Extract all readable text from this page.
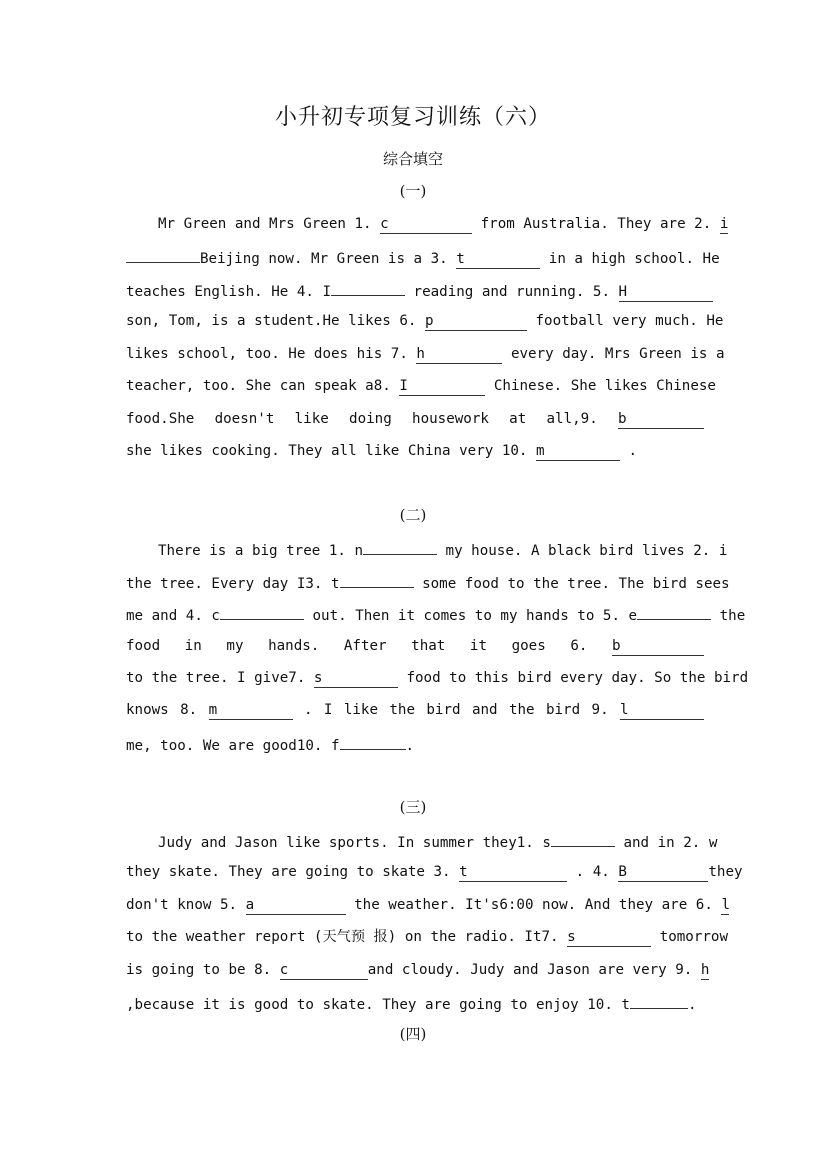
小升初专项复习训练（六）
综合填空
(一)
Mr Green and Mrs Green 1. c	from Australia. They are 2. i
Beijing now. Mr Green is a 3. t	in a high school. He
teaches English. He 4. I	reading and running. 5. H
son, Tom, is a student.He likes 6. p	football very much. He
likes school, too. He does his 7. h	every day. Mrs Green is a
teacher, too. She can speak a8. I	Chinese. She likes Chinese
food.She doesn't like doing housework at all,9. b
she likes cooking. They all like China very 10. m	.
(二)
There is a big tree 1. n	my house. A black bird lives 2. i
the tree. Every day I3. t	some food to the tree. The bird sees
me and 4. c	out. Then it comes to my hands to 5. e	the
food in my hands. After that it goes 6. b
to the tree. I give7. s	food to this bird every day. So the bird
knows 8. m	. I like the bird and the bird 9. l
me, too. We are good10. f	.
(三)
Judy and Jason like sports. In summer they1. s	and in 2. w
they skate. They are going to skate 3. t	. 4. B	they
don't know 5. a	the weather. It's6:00 now. And they are 6. l
to the weather report (天气预 报) on the radio. It7. s	tomorrow
is going to be 8. c	and cloudy. Judy and Jason are very 9. h
,because it is good to skate. They are going to enjoy 10. t	.
(四)
